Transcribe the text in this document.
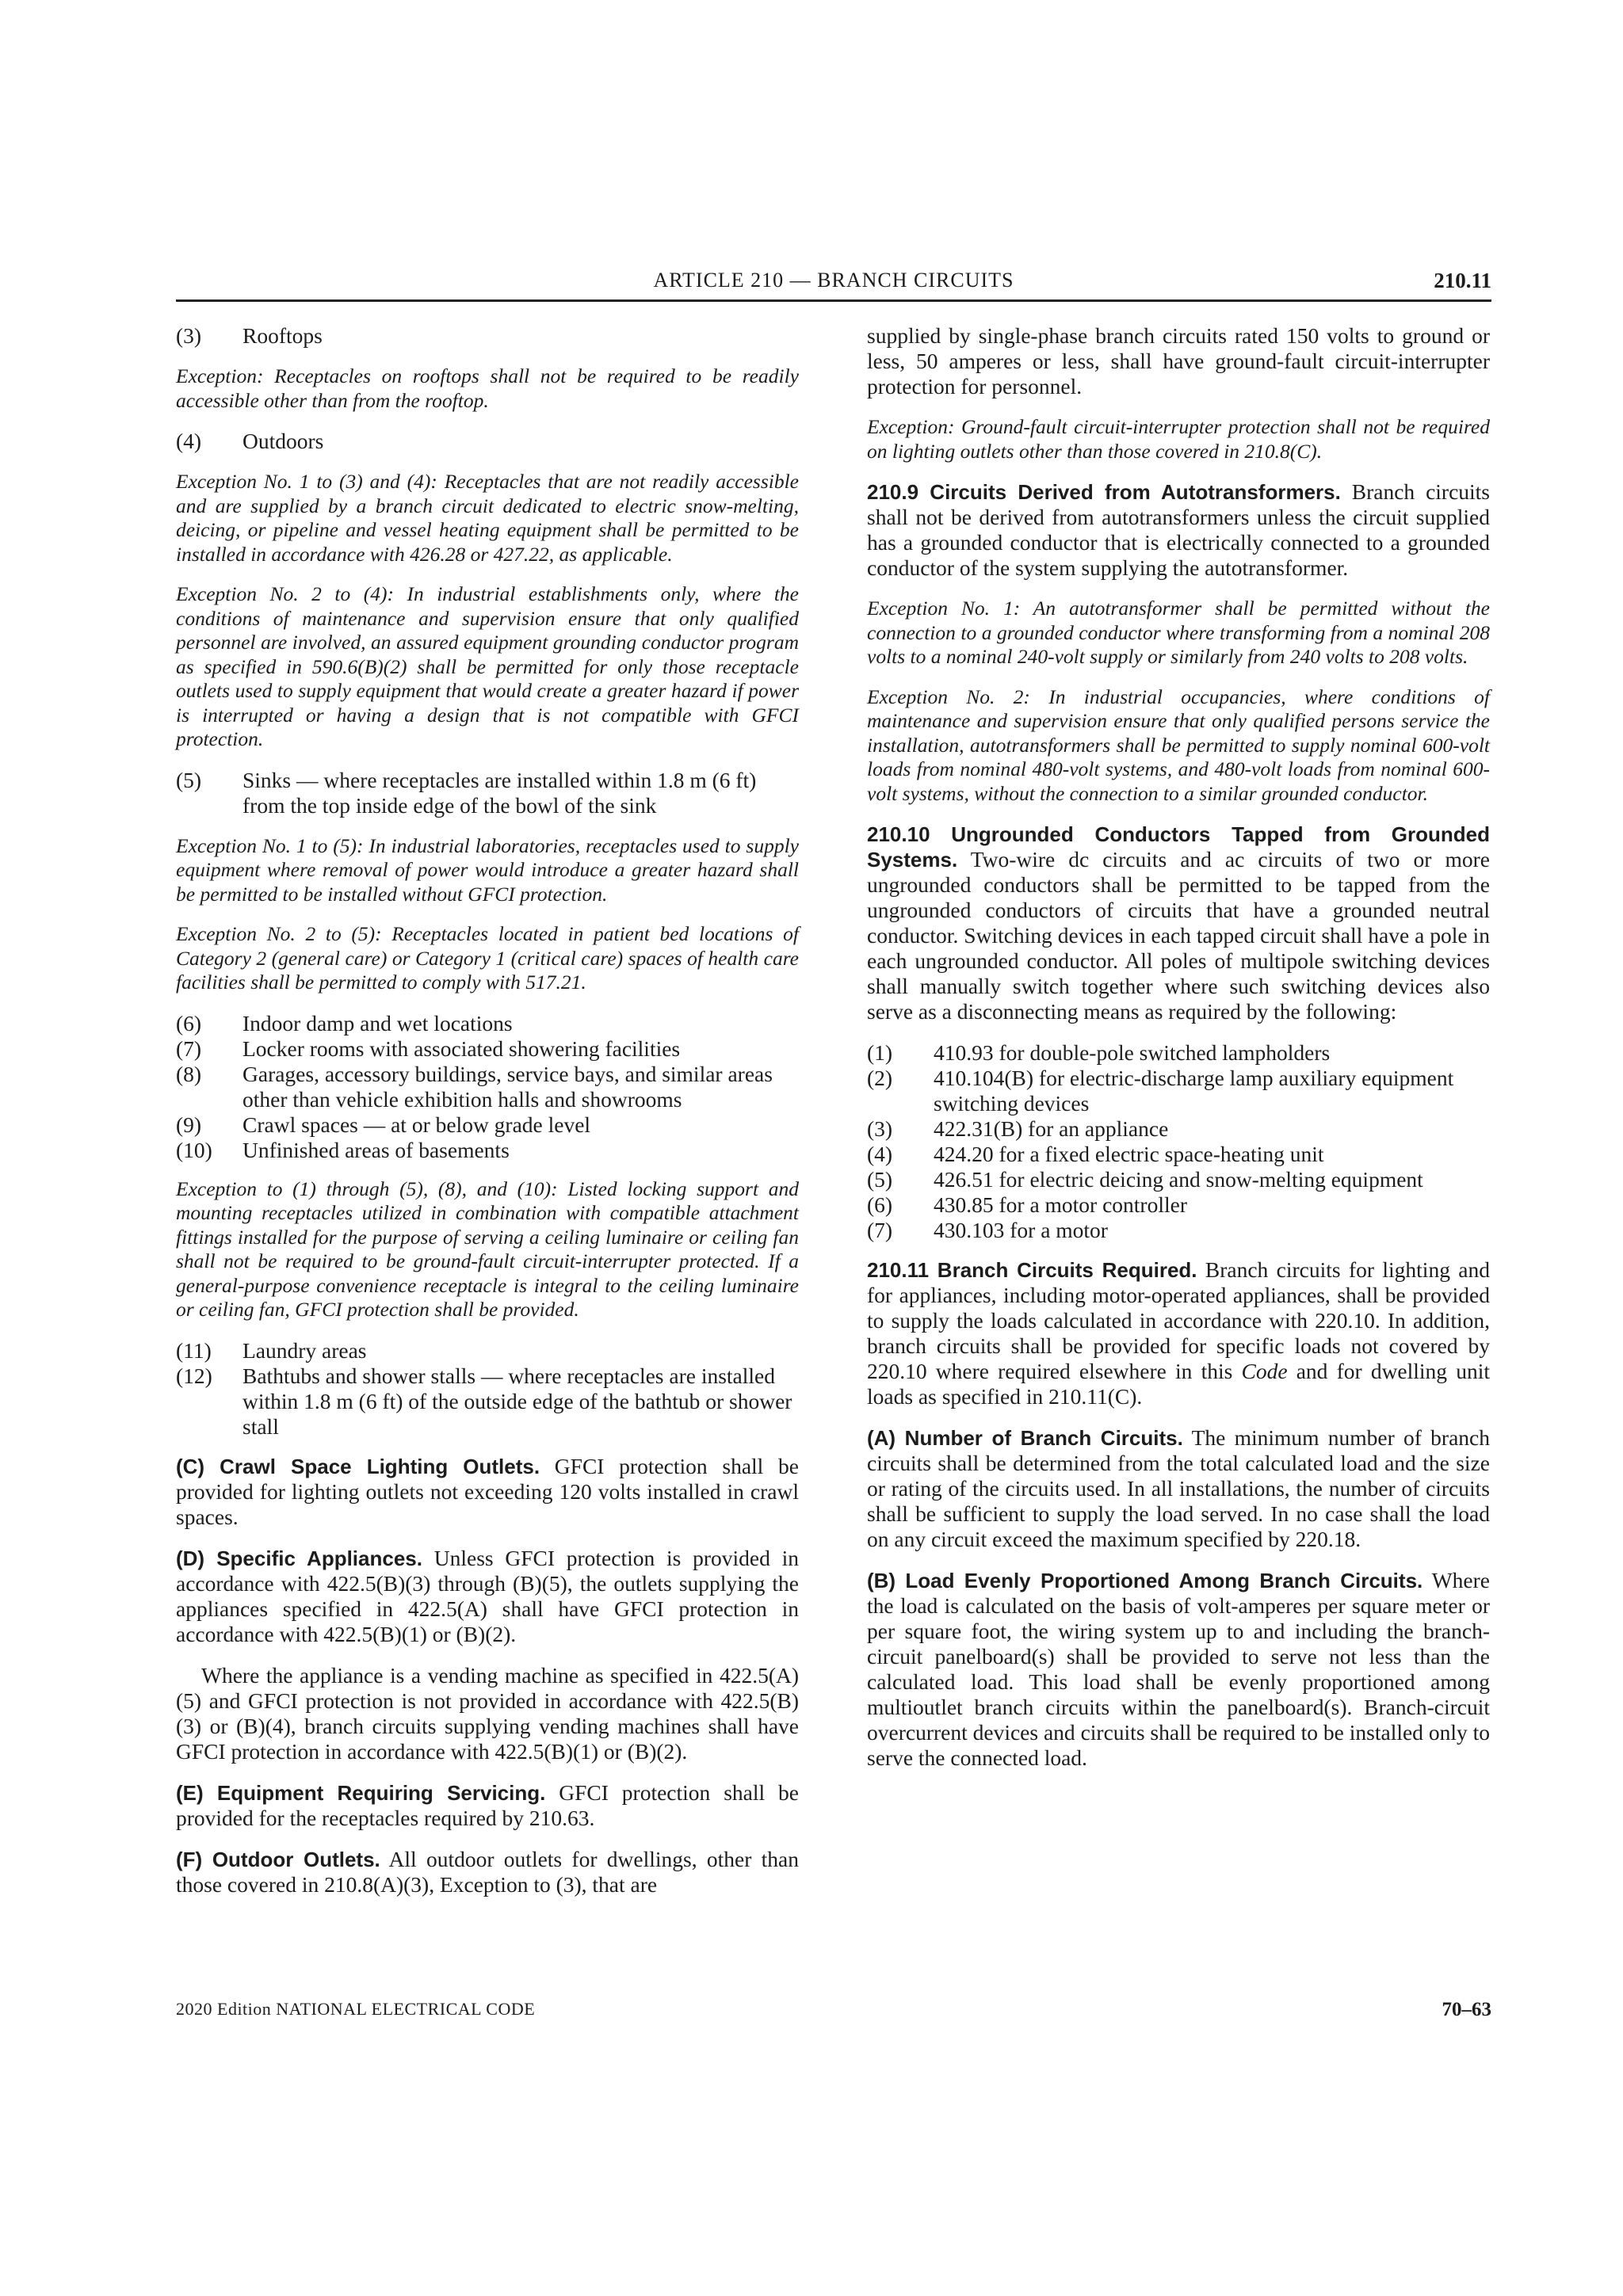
ARTICLE 210 — BRANCH CIRCUITS	210.11
(3) Rooftops

Exception: Receptacles on rooftops shall not be required to be readily accessible other than from the rooftop.

(4) Outdoors

Exception No. 1 to (3) and (4): Receptacles that are not readily accessible and are supplied by a branch circuit dedicated to electric snow-melting, deicing, or pipeline and vessel heating equipment shall be permitted to be installed in accordance with 426.28 or 427.22, as applicable.

Exception No. 2 to (4): In industrial establishments only, where the conditions of maintenance and supervision ensure that only qualified personnel are involved, an assured equipment grounding conductor program as specified in 590.6(B)(2) shall be permitted for only those receptacle outlets used to supply equipment that would create a greater hazard if power is interrupted or having a design that is not compatible with GFCI protection.

(5) Sinks — where receptacles are installed within 1.8 m (6 ft) from the top inside edge of the bowl of the sink

Exception No. 1 to (5): In industrial laboratories, receptacles used to supply equipment where removal of power would introduce a greater hazard shall be permitted to be installed without GFCI protection.

Exception No. 2 to (5): Receptacles located in patient bed locations of Category 2 (general care) or Category 1 (critical care) spaces of health care facilities shall be permitted to comply with 517.21.

(6)	Indoor damp and wet locations
(7)	Locker rooms with associated showering facilities
(8)	Garages, accessory buildings, service bays, and similar areas other than vehicle exhibition halls and showrooms
(9)	Crawl spaces — at or below grade level
(10)	Unfinished areas of basements

Exception to (1) through (5), (8), and (10): Listed locking support and mounting receptacles utilized in combination with compatible attachment fittings installed for the purpose of serving a ceiling luminaire or ceiling fan shall not be required to be ground-fault circuit-interrupter protected. If a general-purpose convenience receptacle is integral to the ceiling luminaire or ceiling fan, GFCI protection shall be provided.

(11)	Laundry areas
(12)	Bathtubs and shower stalls — where receptacles are installed within 1.8 m (6 ft) of the outside edge of the bathtub or shower stall

(C) Crawl Space Lighting Outlets. GFCI protection shall be provided for lighting outlets not exceeding 120 volts installed in crawl spaces.

(D) Specific Appliances. Unless GFCI protection is provided in accordance with 422.5(B)(3) through (B)(5), the outlets supplying the appliances specified in 422.5(A) shall have GFCI protection in accordance with 422.5(B)(1) or (B)(2).

Where the appliance is a vending machine as specified in 422.5(A)(5) and GFCI protection is not provided in accordance with 422.5(B)(3) or (B)(4), branch circuits supplying vending machines shall have GFCI protection in accordance with 422.5(B)(1) or (B)(2).

(E) Equipment Requiring Servicing. GFCI protection shall be provided for the receptacles required by 210.63.

(F) Outdoor Outlets. All outdoor outlets for dwellings, other than those covered in 210.8(A)(3), Exception to (3), that are

supplied by single-phase branch circuits rated 150 volts to ground or less, 50 amperes or less, shall have ground-fault circuit-interrupter protection for personnel.

Exception: Ground-fault circuit-interrupter protection shall not be required on lighting outlets other than those covered in 210.8(C).

210.9 Circuits Derived from Autotransformers. Branch circuits shall not be derived from autotransformers unless the circuit supplied has a grounded conductor that is electrically connected to a grounded conductor of the system supplying the autotransformer.

Exception No. 1: An autotransformer shall be permitted without the connection to a grounded conductor where transforming from a nominal 208 volts to a nominal 240-volt supply or similarly from 240 volts to 208 volts.

Exception No. 2: In industrial occupancies, where conditions of maintenance and supervision ensure that only qualified persons service the installation, autotransformers shall be permitted to supply nominal 600-volt loads from nominal 480-volt systems, and 480-volt loads from nominal 600-volt systems, without the connection to a similar grounded conductor.

210.10 Ungrounded Conductors Tapped from Grounded Systems. Two-wire dc circuits and ac circuits of two or more ungrounded conductors shall be permitted to be tapped from the ungrounded conductors of circuits that have a grounded neutral conductor. Switching devices in each tapped circuit shall have a pole in each ungrounded conductor. All poles of multipole switching devices shall manually switch together where such switching devices also serve as a disconnecting means as required by the following:

(1)	410.93 for double-pole switched lampholders
(2)	410.104(B) for electric-discharge lamp auxiliary equipment switching devices
(3)	422.31(B) for an appliance
(4)	424.20 for a fixed electric space-heating unit
(5)	426.51 for electric deicing and snow-melting equipment
(6)	430.85 for a motor controller
(7)	430.103 for a motor

210.11 Branch Circuits Required. Branch circuits for lighting and for appliances, including motor-operated appliances, shall be provided to supply the loads calculated in accordance with 220.10. In addition, branch circuits shall be provided for specific loads not covered by 220.10 where required elsewhere in this Code and for dwelling unit loads as specified in 210.11(C).

(A) Number of Branch Circuits. The minimum number of branch circuits shall be determined from the total calculated load and the size or rating of the circuits used. In all installations, the number of circuits shall be sufficient to supply the load served. In no case shall the load on any circuit exceed the maximum specified by 220.18.

(B) Load Evenly Proportioned Among Branch Circuits. Where the load is calculated on the basis of volt-amperes per square meter or per square foot, the wiring system up to and including the branch-circuit panelboard(s) shall be provided to serve not less than the calculated load. This load shall be evenly proportioned among multioutlet branch circuits within the panelboard(s). Branch-circuit overcurrent devices and circuits shall be required to be installed only to serve the connected load.

2020 Edition NATIONAL ELECTRICAL CODE	70–63
